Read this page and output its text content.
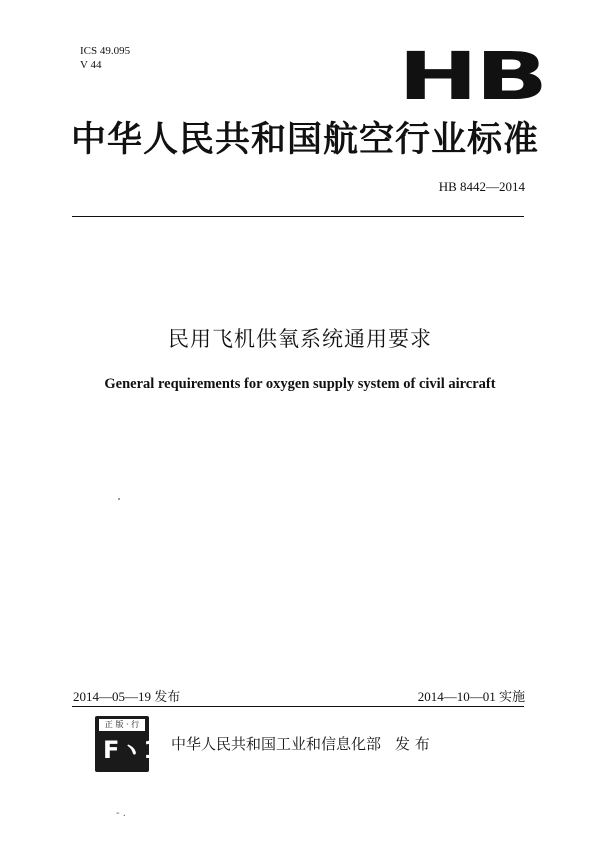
ICS 49.095
V 44	HB
中华人民共和国航空行业标准
HB 8442—2014
民用飞机供氧系统通用要求
General requirements for oxygen supply system of civil aircraft
2014—05—19 发布	2014—10—01 实施
正 版 · 行
Fヽ1 中华人民共和国工业和信息化部 发 布
- .
